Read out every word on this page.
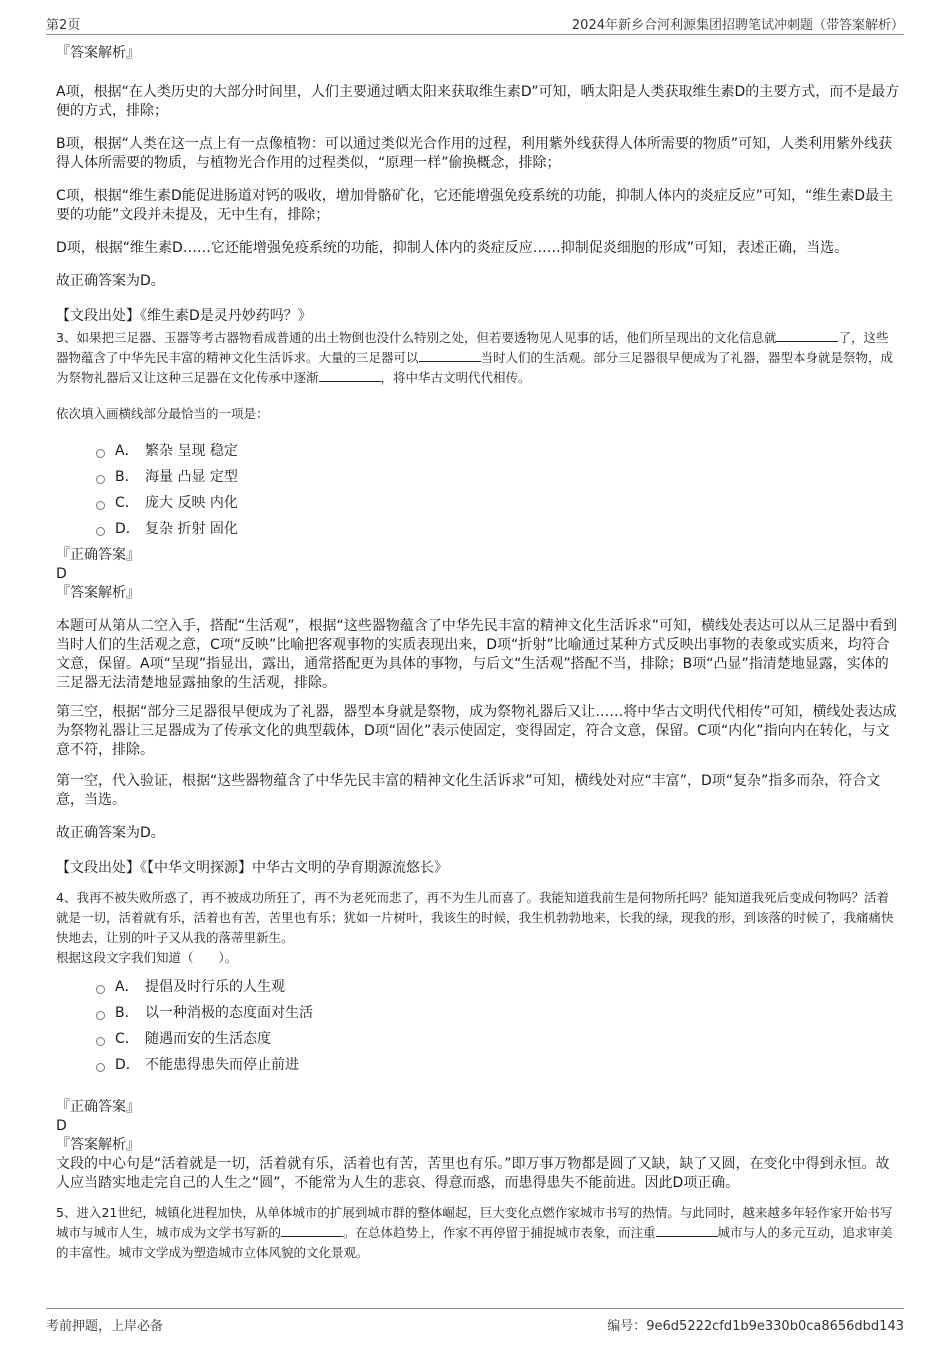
第2页	2024年新乡合河利源集团招聘笔试冲刺题（带答案解析）

『答案解析』

A项，根据“在人类历史的大部分时间里，人们主要通过晒太阳来获取维生素D”可知，晒太阳是人类获取维生素D的主要方式，而不是最方便的方式，排除；

B项，根据“人类在这一点上有一点像植物：可以通过类似光合作用的过程，利用紫外线获得人体所需要的物质”可知，人类利用紫外线获得人体所需要的物质，与植物光合作用的过程类似，“原理一样”偷换概念，排除；

C项，根据“维生素D能促进肠道对钙的吸收，增加骨骼矿化，它还能增强免疫系统的功能，抑制人体内的炎症反应”可知，“维生素D最主要的功能”文段并未提及，无中生有，排除；

D项，根据“维生素D……它还能增强免疫系统的功能，抑制人体内的炎症反应……抑制促炎细胞的形成”可知，表述正确，当选。

故正确答案为D。

【文段出处】《维生素D是灵丹妙药吗？》

3、如果把三足器、玉器等考古器物看成普通的出土物倒也没什么特别之处，但若要透物见人见事的话，他们所呈现出的文化信息就	了，这些器物蕴含了中华先民丰富的精神文化生活诉求。大量的三足器可以	当时人们的生活观。部分三足器很早便成为了礼器，器型本身就是祭物，成为祭物礼器后又让这种三足器在文化传承中逐渐	，将中华古文明代代相传。

依次填入画横线部分最恰当的一项是：

A． 繁杂 呈现 稳定
B． 海量 凸显 定型
C． 庞大 反映 内化
D． 复杂 折射 固化

『正确答案』

D

『答案解析』

本题可从第从二空入手，搭配“生活观”，根据“这些器物蕴含了中华先民丰富的精神文化生活诉求”可知，横线处表达可以从三足器中看到当时人们的生活观之意，C项“反映”比喻把客观事物的实质表现出来，D项“折射”比喻通过某种方式反映出事物的表象或实质来，均符合文意，保留。A项“呈现”指显出，露出，通常搭配更为具体的事物，与后文“生活观”搭配不当，排除；B项“凸显”指清楚地显露，实体的三足器无法清楚地显露抽象的生活观，排除。

第三空，根据“部分三足器很早便成为了礼器，器型本身就是祭物，成为祭物礼器后又让……将中华古文明代代相传”可知，横线处表达成为祭物礼器让三足器成为了传承文化的典型载体，D项“固化”表示使固定，变得固定，符合文意，保留。C项“内化”指向内在转化，与文意不符，排除。

第一空，代入验证，根据“这些器物蕴含了中华先民丰富的精神文化生活诉求”可知，横线处对应“丰富”，D项“复杂”指多而杂，符合文意，当选。

故正确答案为D。

【文段出处】《【中华文明探源】中华古文明的孕育期源流悠长》

4、我再不被失败所惑了，再不被成功所狂了，再不为老死而悲了，再不为生儿而喜了。我能知道我前生是何物所托吗？能知道我死后变成何物吗？活着就是一切，活着就有乐，活着也有苦，苦里也有乐；犹如一片树叶，我该生的时候，我生机勃勃地来，长我的绿，现我的形，到该落的时候了，我痛痛快快地去，让别的叶子又从我的落蒂里新生。

根据这段文字我们知道（　　）。

A． 提倡及时行乐的人生观
B． 以一种消极的态度面对生活
C． 随遇而安的生活态度
D． 不能患得患失而停止前进

『正确答案』

D

『答案解析』

文段的中心句是“活着就是一切，活着就有乐，活着也有苦，苦里也有乐。”即万事万物都是圆了又缺，缺了又圆，在变化中得到永恒。故人应当踏实地走完自己的人生之“圆”，不能常为人生的悲哀、得意而惑，而患得患失不能前进。因此D项正确。

5、进入21世纪，城镇化进程加快，从单体城市的扩展到城市群的整体崛起，巨大变化点燃作家城市书写的热情。与此同时，越来越多年轻作家开始书写城市与城市人生，城市成为文学书写新的	。在总体趋势上，作家不再停留于捕捉城市表象，而注重	城市与人的多元互动，追求审美的丰富性。城市文学成为塑造城市立体风貌的文化景观。

考前押题，上岸必备	编号：9e6d5222cfd1b9e330b0ca8656dbd143
